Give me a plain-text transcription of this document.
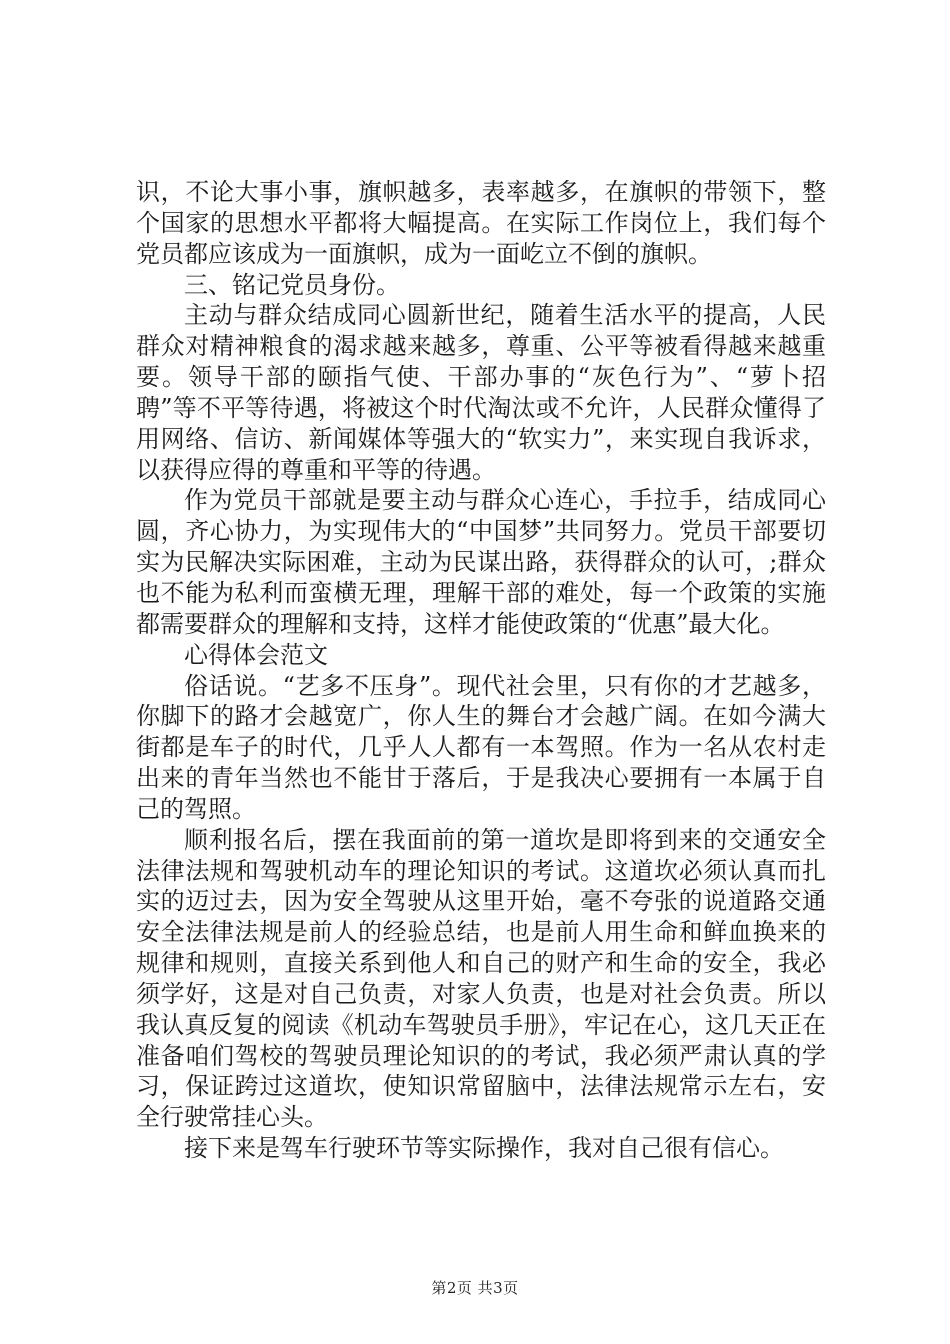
识，不论大事小事，旗帜越多，表率越多，在旗帜的带领下，整个国家的思想水平都将大幅提高。在实际工作岗位上，我们每个党员都应该成为一面旗帜，成为一面屹立不倒的旗帜。

三、铭记党员身份。

主动与群众结成同心圆新世纪，随着生活水平的提高，人民群众对精神粮食的渴求越来越多，尊重、公平等被看得越来越重要。领导干部的颐指气使、干部办事的“灰色行为”、“萝卜招聘”等不平等待遇，将被这个时代淘汰或不允许，人民群众懂得了用网络、信访、新闻媒体等强大的“软实力”，来实现自我诉求，以获得应得的尊重和平等的待遇。

作为党员干部就是要主动与群众心连心，手拉手，结成同心圆，齐心协力，为实现伟大的“中国梦”共同努力。党员干部要切实为民解决实际困难，主动为民谋出路，获得群众的认可，;群众也不能为私利而蛮横无理，理解干部的难处，每一个政策的实施都需要群众的理解和支持，这样才能使政策的“优惠”最大化。

心得体会范文

俗话说。“艺多不压身”。现代社会里，只有你的才艺越多，你脚下的路才会越宽广，你人生的舞台才会越广阔。在如今满大街都是车子的时代，几乎人人都有一本驾照。作为一名从农村走出来的青年当然也不能甘于落后，于是我决心要拥有一本属于自己的驾照。

顺利报名后，摆在我面前的第一道坎是即将到来的交通安全法律法规和驾驶机动车的理论知识的考试。这道坎必须认真而扎实的迈过去，因为安全驾驶从这里开始，毫不夸张的说道路交通安全法律法规是前人的经验总结，也是前人用生命和鲜血换来的规律和规则，直接关系到他人和自己的财产和生命的安全，我必须学好，这是对自己负责，对家人负责，也是对社会负责。所以我认真反复的阅读《机动车驾驶员手册》，牢记在心，这几天正在准备咱们驾校的驾驶员理论知识的的考试，我必须严肃认真的学习，保证跨过这道坎，使知识常留脑中，法律法规常示左右，安全行驶常挂心头。

接下来是驾车行驶环节等实际操作，我对自己很有信心。

第2页 共3页
